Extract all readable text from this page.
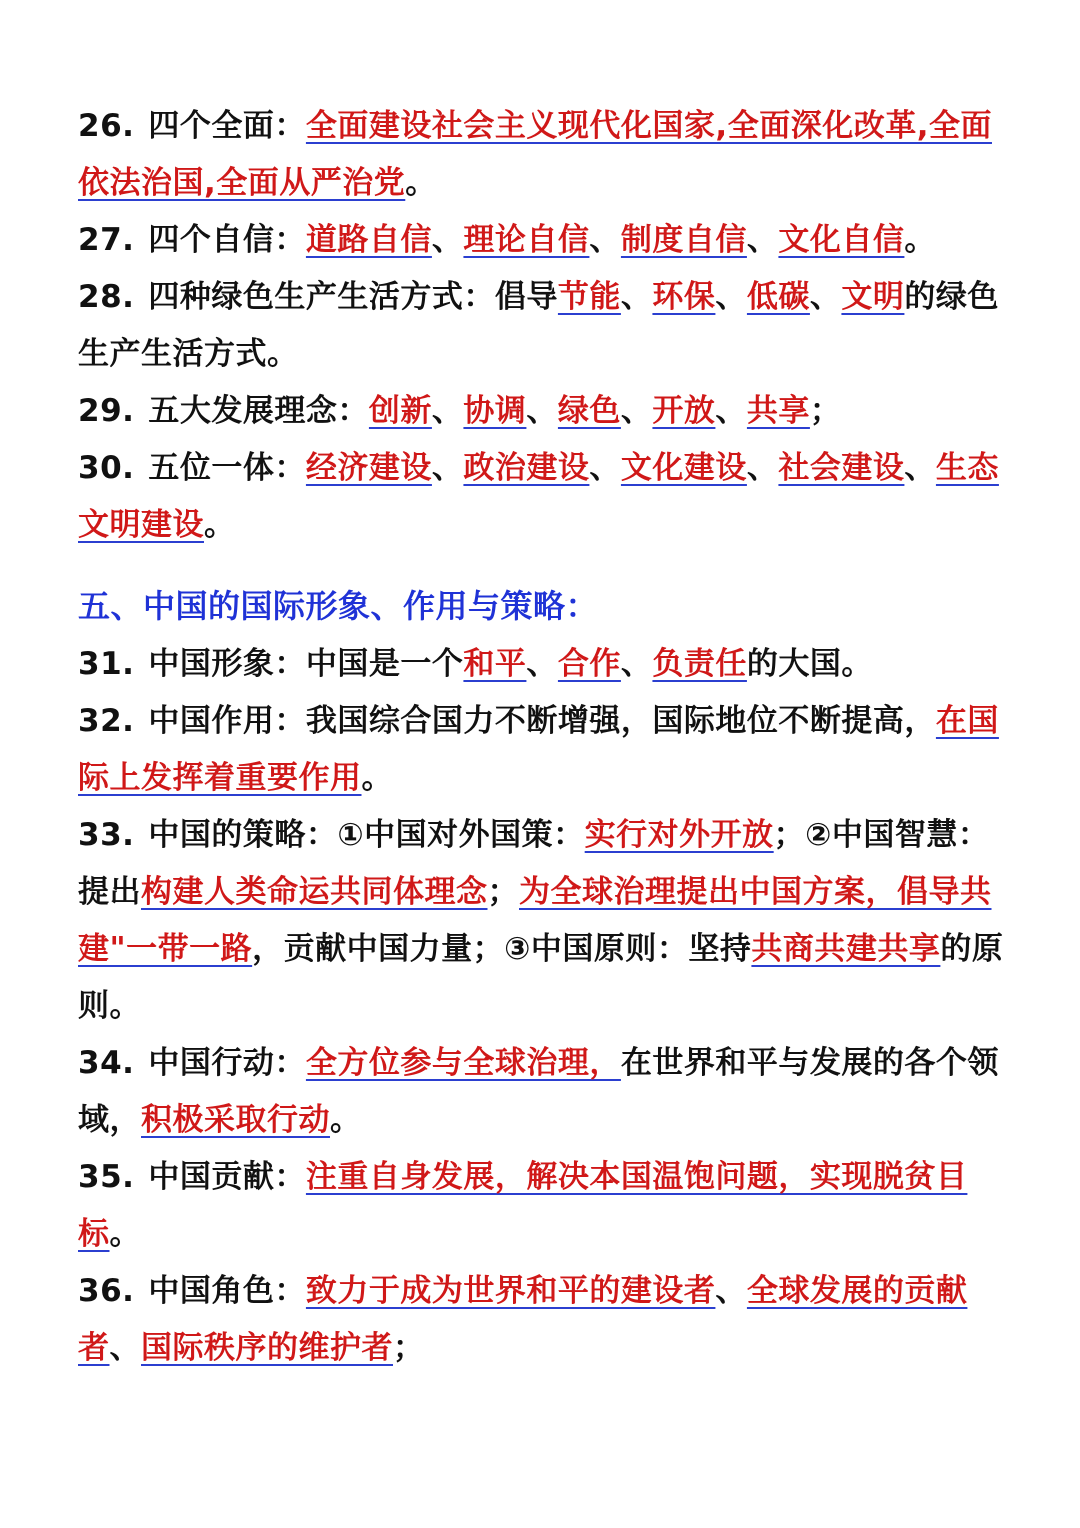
26. 四个全面：全面建设社会主义现代化国家,全面深化改革,全面依法治国,全面从严治党。

27. 四个自信：道路自信、理论自信、制度自信、文化自信。

28. 四种绿色生产生活方式：倡导节能、环保、低碳、文明的绿色生产生活方式。

29. 五大发展理念：创新、协调、绿色、开放、共享；

30. 五位一体：经济建设、政治建设、文化建设、社会建设、生态文明建设。

五、中国的国际形象、作用与策略：

31. 中国形象：中国是一个和平、合作、负责任的大国。

32. 中国作用：我国综合国力不断增强，国际地位不断提高，在国际上发挥着重要作用。

33. 中国的策略：①中国对外国策：实行对外开放；②中国智慧：提出构建人类命运共同体理念；为全球治理提出中国方案，倡导共建"一带一路，贡献中国力量；③中国原则：坚持共商共建共享的原则。

34. 中国行动：全方位参与全球治理，在世界和平与发展的各个领域，积极采取行动。

35. 中国贡献：注重自身发展，解决本国温饱问题，实现脱贫目标。

36. 中国角色：致力于成为世界和平的建设者、全球发展的贡献者、国际秩序的维护者；
